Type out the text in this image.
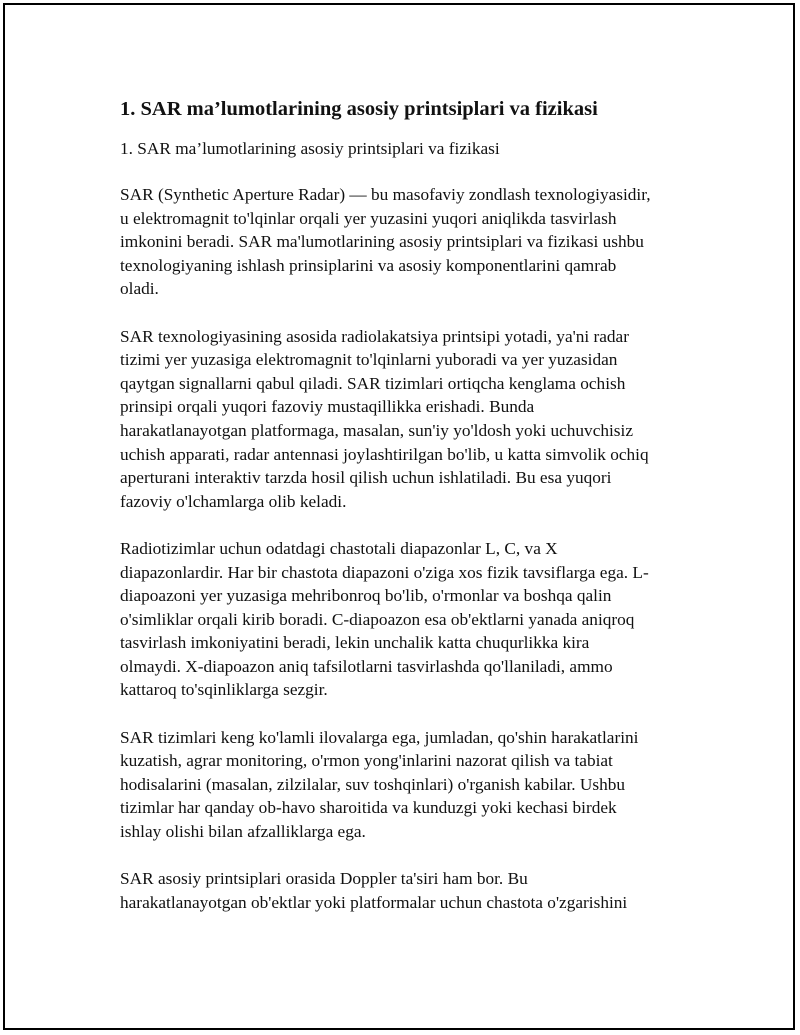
1. SAR ma’lumotlarining asosiy printsiplari va fizikasi
1. SAR ma’lumotlarining asosiy printsiplari va fizikasi

SAR (Synthetic Aperture Radar) — bu masofaviy zondlash texnologiyasidir,
u elektromagnit to'lqinlar orqali yer yuzasini yuqori aniqlikda tasvirlash
imkonini beradi. SAR ma'lumotlarining asosiy printsiplari va fizikasi ushbu
texnologiyaning ishlash prinsiplarini va asosiy komponentlarini qamrab
oladi.

SAR texnologiyasining asosida radiolakatsiya printsipi yotadi, ya'ni radar
tizimi yer yuzasiga elektromagnit to'lqinlarni yuboradi va yer yuzasidan
qaytgan signallarni qabul qiladi. SAR tizimlari ortiqcha kenglama ochish
prinsipi orqali yuqori fazoviy mustaqillikka erishadi. Bunda
harakatlanayotgan platformaga, masalan, sun'iy yo'ldosh yoki uchuvchisiz
uchish apparati, radar antennasi joylashtirilgan bo'lib, u katta simvolik ochiq
aperturani interaktiv tarzda hosil qilish uchun ishlatiladi. Bu esa yuqori
fazoviy o'lchamlarga olib keladi.

Radiotizimlar uchun odatdagi chastotali diapazonlar L, C, va X
diapazonlardir. Har bir chastota diapazoni o'ziga xos fizik tavsiflarga ega. L-
diapoazoni yer yuzasiga mehribonroq bo'lib, o'rmonlar va boshqa qalin
o'simliklar orqali kirib boradi. C-diapoazon esa ob'ektlarni yanada aniqroq
tasvirlash imkoniyatini beradi, lekin unchalik katta chuqurlikka kira
olmaydi. X-diapoazon aniq tafsilotlarni tasvirlashda qo'llaniladi, ammo
kattaroq to'sqinliklarga sezgir.

SAR tizimlari keng ko'lamli ilovalarga ega, jumladan, qo'shin harakatlarini
kuzatish, agrar monitoring, o'rmon yong'inlarini nazorat qilish va tabiat
hodisalarini (masalan, zilzilalar, suv toshqinlari) o'rganish kabilar. Ushbu
tizimlar har qanday ob-havo sharoitida va kunduzgi yoki kechasi birdek
ishlay olishi bilan afzalliklarga ega.

SAR asosiy printsiplari orasida Doppler ta'siri ham bor. Bu
harakatlanayotgan ob'ektlar yoki platformalar uchun chastota o'zgarishini
